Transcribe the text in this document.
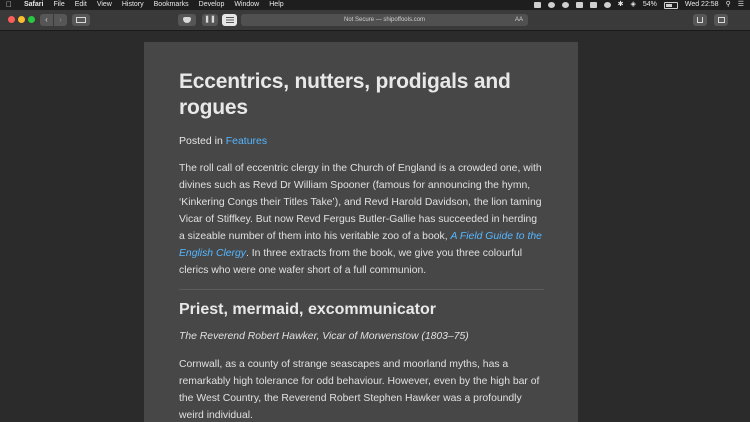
Safari File Edit View History Bookmarks Develop Window Help	✱ ◈ 54%	Wed 22:58 ⚲ ☰
‹	›	❚❚	Not Secure — shipoffools.com	AA
Eccentrics, nutters, prodigals and rogues

Posted in Features

The roll call of eccentric clergy in the Church of England is a crowded one, with divines such as Revd Dr William Spooner (famous for announcing the hymn, ‘Kinkering Congs their Titles Take’), and Revd Harold Davidson, the lion taming Vicar of Stiffkey. But now Revd Fergus Butler-Gallie has succeeded in herding a sizeable number of them into his veritable zoo of a book, A Field Guide to the English Clergy. In three extracts from the book, we give you three colourful clerics who were one wafer short of a full communion.

Priest, mermaid, excommunicator

The Reverend Robert Hawker, Vicar of Morwenstow (1803–75)

Cornwall, as a county of strange seascapes and moorland myths, has a remarkably high tolerance for odd behaviour. However, even by the high bar of the West Country, the Reverend Robert Stephen Hawker was a profoundly weird individual.
